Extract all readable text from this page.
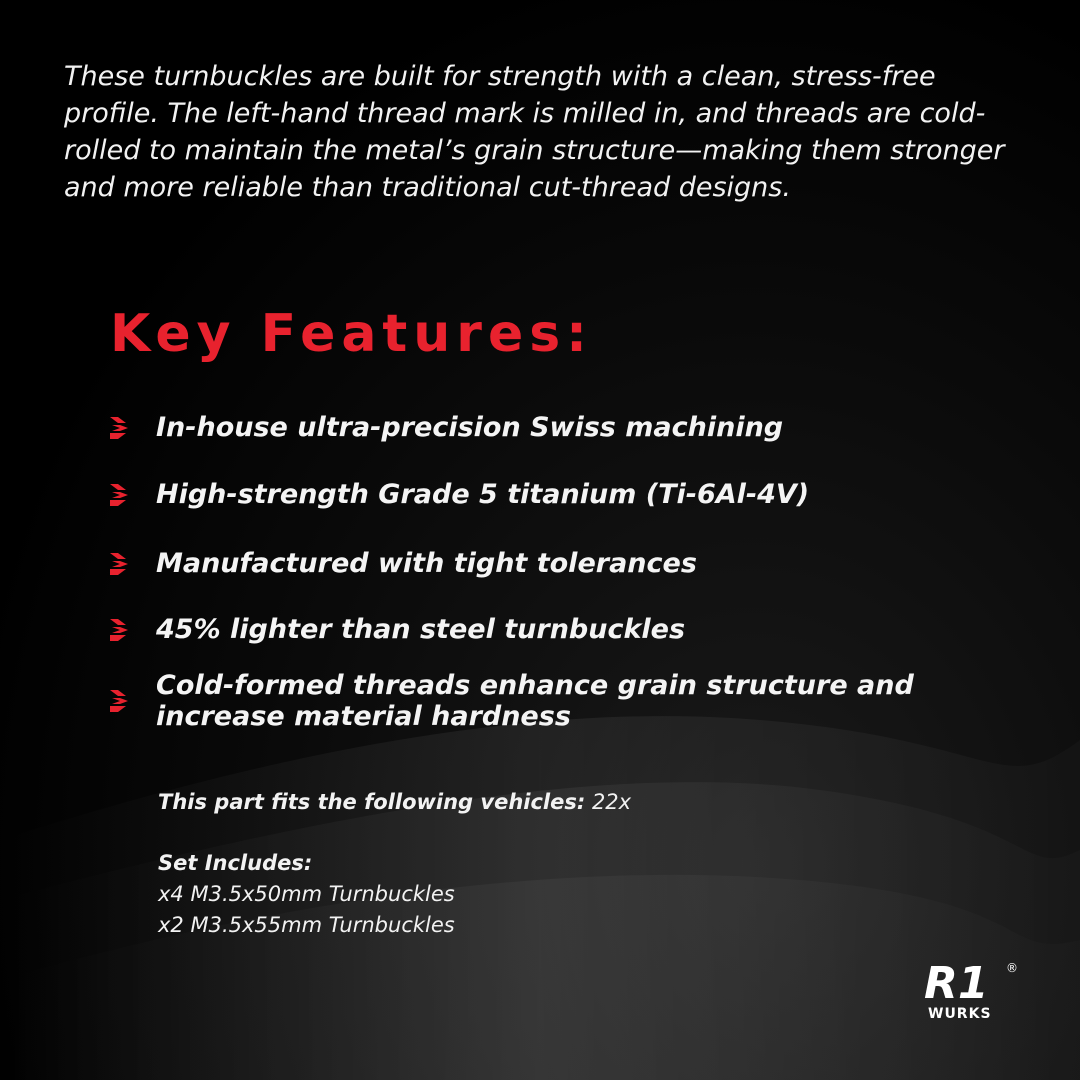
These turnbuckles are built for strength with a clean, stress-free profile. The left-hand thread mark is milled in, and threads are cold-rolled to maintain the metal’s grain structure—making them stronger and more reliable than traditional cut-thread designs.

Key Features:
In-house ultra-precision Swiss machining
High-strength Grade 5 titanium (Ti-6Al-4V)
Manufactured with tight tolerances
45% lighter than steel turnbuckles
Cold-formed threads enhance grain structure and increase material hardness

This part fits the following vehicles: 22x

Set Includes:
x4 M3.5x50mm Turnbuckles
x2 M3.5x55mm Turnbuckles

R1 ®
WURKS
